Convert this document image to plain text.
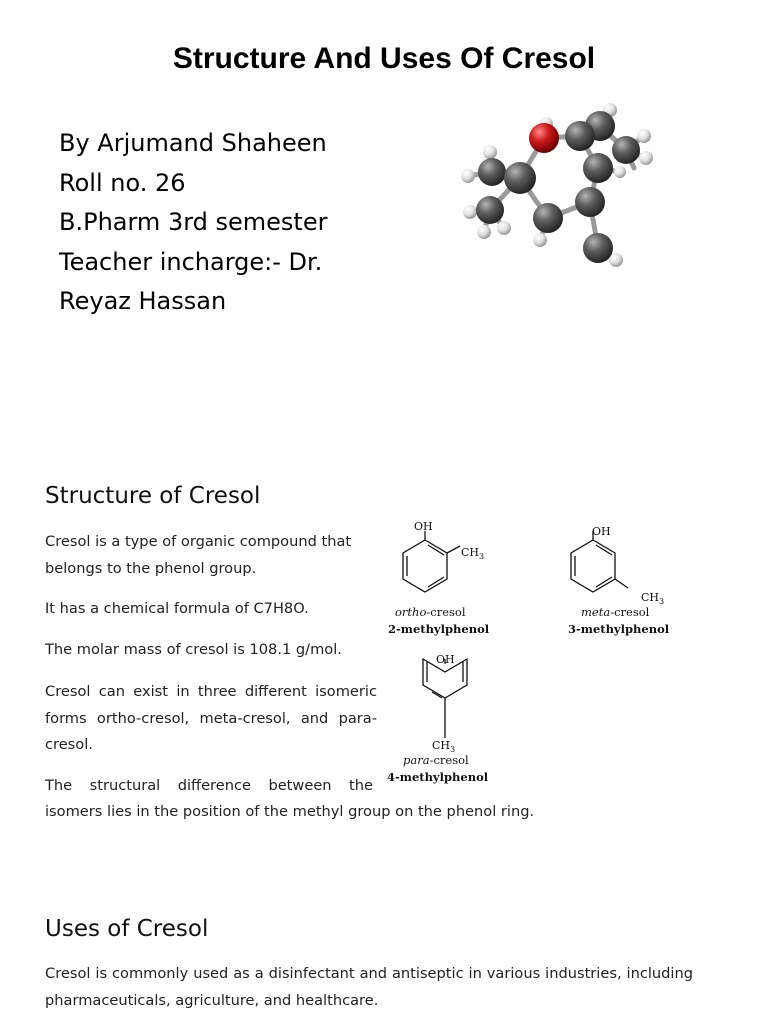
Structure And Uses Of Cresol
By Arjumand Shaheen
Roll no. 26
B.Pharm 3rd semester
Teacher incharge:- Dr.
Reyaz Hassan
Structure of Cresol
Cresol is a type of organic compound that belongs to the phenol group.
It has a chemical formula of C7H8O.
The molar mass of cresol is 108.1 g/mol.
Cresol can exist in three different isomeric forms ortho-cresol, meta-cresol, and para-cresol.
The structural difference between the
isomers lies in the position of the methyl group on the phenol ring.
OH
$CH_3$
ortho-cresol
2-methylphenol
OH
$CH_3$
meta-cresol
3-methylphenol
OH
$CH_3$
para-cresol
4-methylphenol
Uses of Cresol
Cresol is commonly used as a disinfectant and antiseptic in various industries, including pharmaceuticals, agriculture, and healthcare.
